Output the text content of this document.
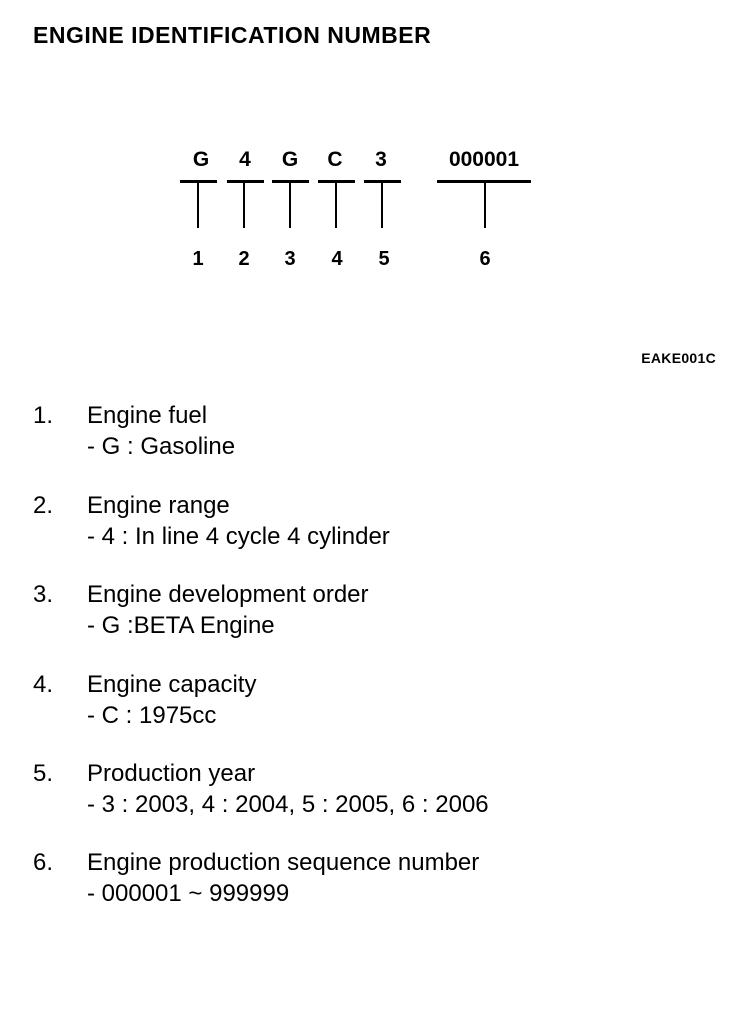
ENGINE IDENTIFICATION NUMBER
G	4	G	C	3	000001
1	2	3	4	5	6
EAKE001C
1.	Engine fuel
- G : Gasoline
2.	Engine range
- 4 : In line 4 cycle 4 cylinder
3.	Engine development order
- G :BETA Engine
4.	Engine capacity
- C : 1975cc
5.	Production year
- 3 : 2003, 4 : 2004, 5 : 2005, 6 : 2006
6.	Engine production sequence number
- 000001 ~ 999999
